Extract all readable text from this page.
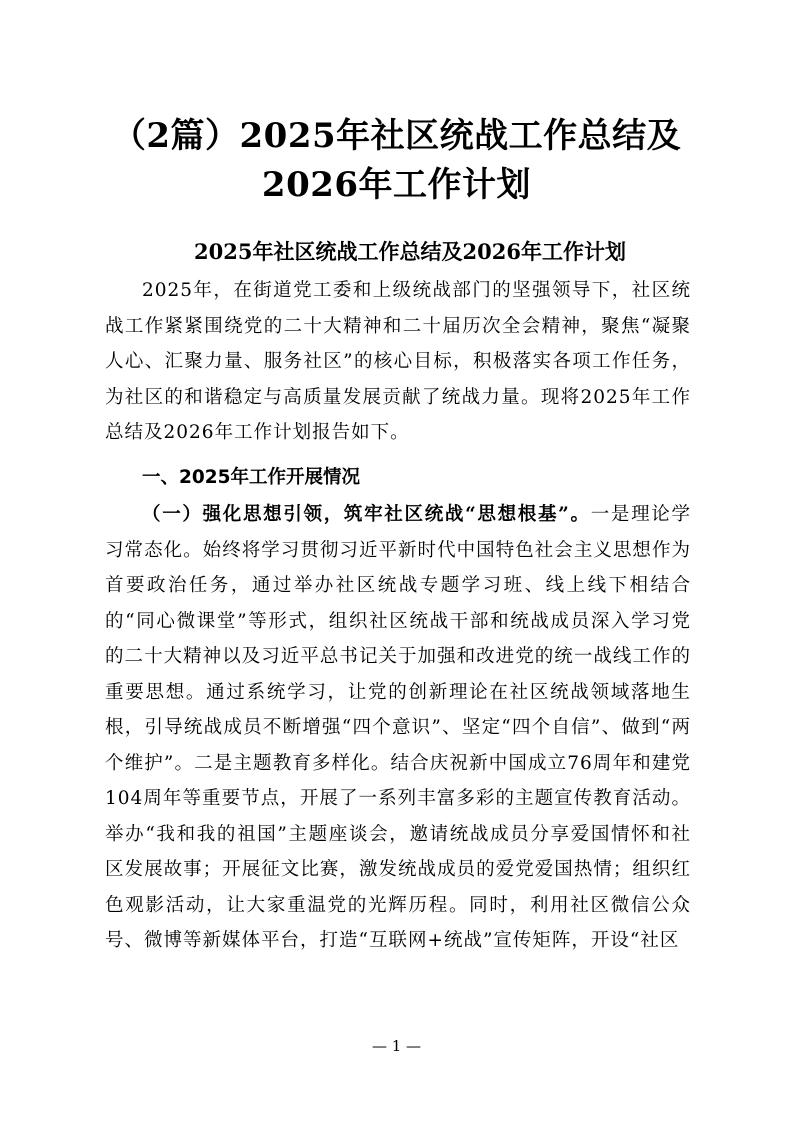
（2篇）2025年社区统战工作总结及2026年工作计划
2025年社区统战工作总结及2026年工作计划

2025年，在街道党工委和上级统战部门的坚强领导下，社区统战工作紧紧围绕党的二十大精神和二十届历次全会精神，聚焦“凝聚人心、汇聚力量、服务社区”的核心目标，积极落实各项工作任务，为社区的和谐稳定与高质量发展贡献了统战力量。现将2025年工作总结及2026年工作计划报告如下。

一、2025年工作开展情况

（一）强化思想引领，筑牢社区统战“思想根基”。一是理论学习常态化。始终将学习贯彻习近平新时代中国特色社会主义思想作为首要政治任务，通过举办社区统战专题学习班、线上线下相结合的“同心微课堂”等形式，组织社区统战干部和统战成员深入学习党的二十大精神以及习近平总书记关于加强和改进党的统一战线工作的重要思想。通过系统学习，让党的创新理论在社区统战领域落地生根，引导统战成员不断增强“四个意识”、坚定“四个自信”、做到“两个维护”。二是主题教育多样化。结合庆祝新中国成立76周年和建党104周年等重要节点，开展了一系列丰富多彩的主题宣传教育活动。举办“我和我的祖国”主题座谈会，邀请统战成员分享爱国情怀和社区发展故事；开展征文比赛，激发统战成员的爱党爱国热情；组织红色观影活动，让大家重温党的光辉历程。同时，利用社区微信公众号、微博等新媒体平台，打造“互联网+统战”宣传矩阵，开设“社区

— 1 —
